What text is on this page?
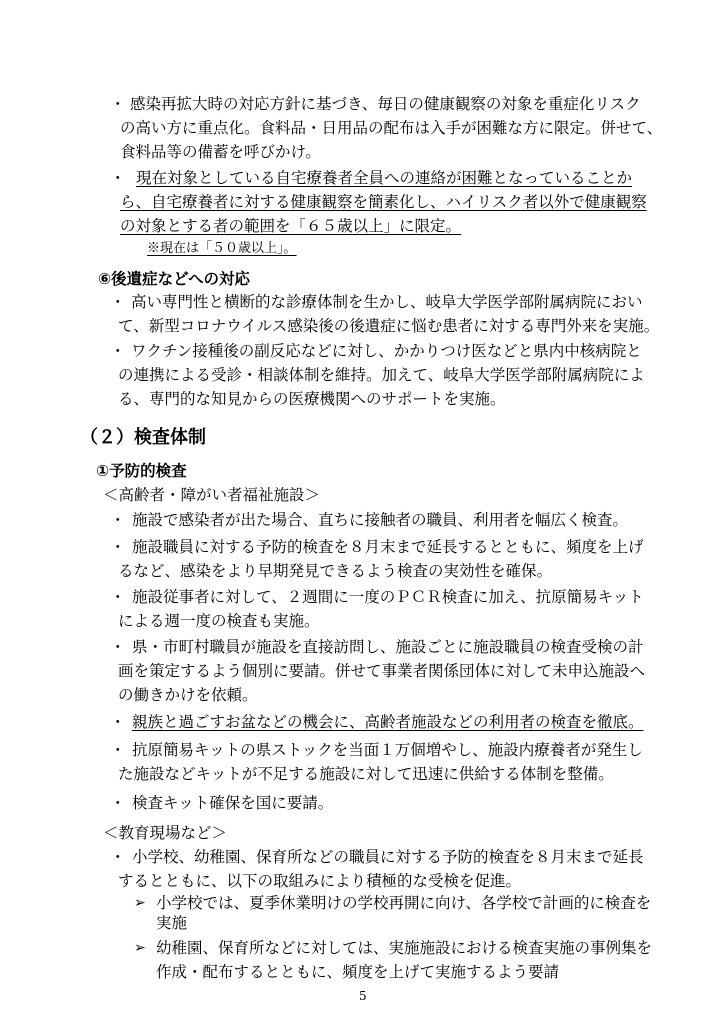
・ 感染再拡大時の対応方針に基づき、毎日の健康観察の対象を重症化リスク
の高い方に重点化。食料品・日用品の配布は入手が困難な方に限定。併せて、
食料品等の備蓄を呼びかけ。
・ 現在対象としている自宅療養者全員への連絡が困難となっていることか
ら、自宅療養者に対する健康観察を簡素化し、ハイリスク者以外で健康観察
の対象とする者の範囲を「６５歳以上」に限定。
※現在は「５０歳以上」。
⑥後遺症などへの対応
・ 高い専門性と横断的な診療体制を生かし、岐阜大学医学部附属病院におい
て、新型コロナウイルス感染後の後遺症に悩む患者に対する専門外来を実施。
・ ワクチン接種後の副反応などに対し、かかりつけ医などと県内中核病院と
の連携による受診・相談体制を維持。加えて、岐阜大学医学部附属病院によ
る、専門的な知見からの医療機関へのサポートを実施。
（２）検査体制
①予防的検査
＜高齢者・障がい者福祉施設＞
・ 施設で感染者が出た場合、直ちに接触者の職員、利用者を幅広く検査。
・ 施設職員に対する予防的検査を８月末まで延長するとともに、頻度を上げ
るなど、感染をより早期発見できるよう検査の実効性を確保。
・ 施設従事者に対して、２週間に一度のＰＣＲ検査に加え、抗原簡易キット
による週一度の検査も実施。
・ 県・市町村職員が施設を直接訪問し、施設ごとに施設職員の検査受検の計
画を策定するよう個別に要請。併せて事業者関係団体に対して未申込施設へ
の働きかけを依頼。
・ 親族と過ごすお盆などの機会に、高齢者施設などの利用者の検査を徹底。
・ 抗原簡易キットの県ストックを当面１万個増やし、施設内療養者が発生し
た施設などキットが不足する施設に対して迅速に供給する体制を整備。
・ 検査キット確保を国に要請。
＜教育現場など＞
・ 小学校、幼稚園、保育所などの職員に対する予防的検査を８月末まで延長
するとともに、以下の取組みにより積極的な受検を促進。
➢ 小学校では、夏季休業明けの学校再開に向け、各学校で計画的に検査を
実施
➢ 幼稚園、保育所などに対しては、実施施設における検査実施の事例集を
作成・配布するとともに、頻度を上げて実施するよう要請
5
